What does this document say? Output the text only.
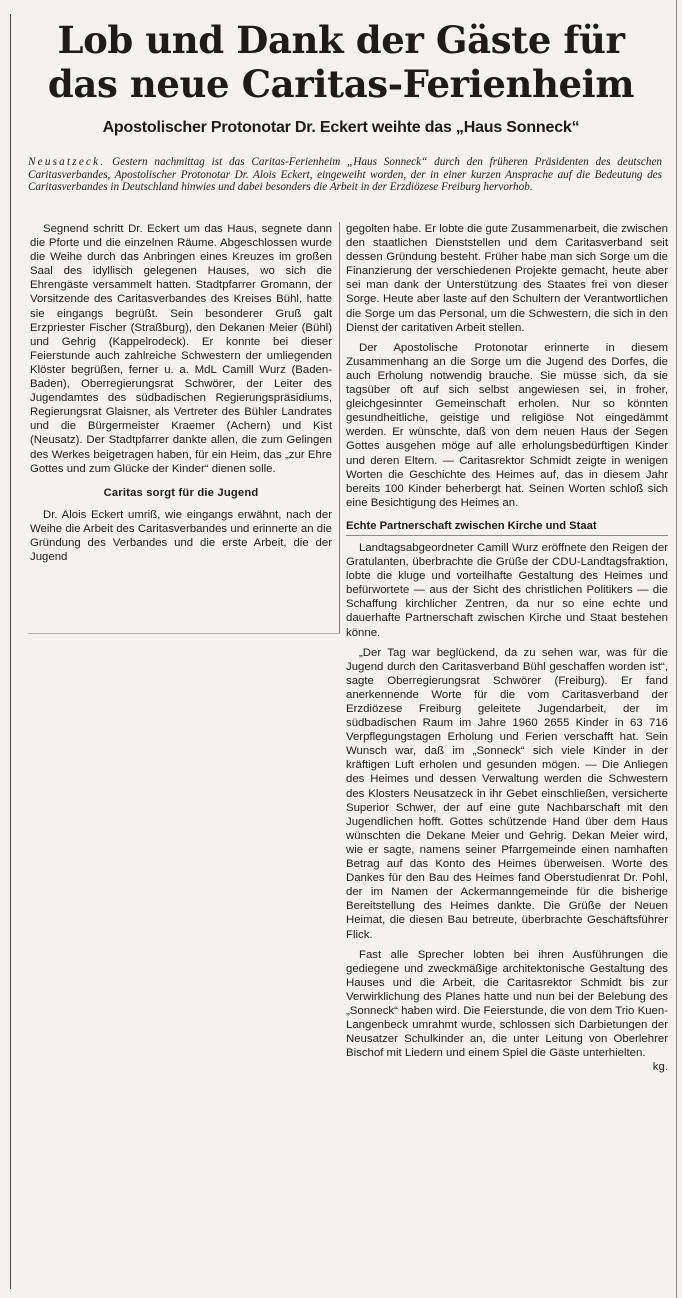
Lob und Dank der Gäste für
das neue Caritas-Ferienheim
Apostolischer Protonotar Dr. Eckert weihte das „Haus Sonneck“
Neusatzeck. Gestern nachmittag ist das Caritas-Ferienheim „Haus Sonneck“ durch den früheren Präsidenten des deutschen Caritasverbandes, Apostolischer Protonotar Dr. Alois Eckert, eingeweiht worden, der in einer kurzen Ansprache auf die Bedeutung des Caritasverbandes in Deutschland hinwies und dabei besonders die Arbeit in der Erzdiözese Freiburg hervorhob.

Segnend schritt Dr. Eckert um das Haus, segnete dann die Pforte und die einzelnen Räume. Abgeschlossen wurde die Weihe durch das Anbringen eines Kreuzes im großen Saal des idyllisch gelegenen Hauses, wo sich die Ehrengäste versammelt hatten. Stadtpfarrer Gromann, der Vorsitzende des Caritasverbandes des Kreises Bühl, hatte sie eingangs begrüßt. Sein besonderer Gruß galt Erzpriester Fischer (Straßburg), den Dekanen Meier (Bühl) und Gehrig (Kappelrodeck). Er konnte bei dieser Feierstunde auch zahlreiche Schwestern der umliegenden Klöster begrüßen, ferner u. a. MdL Camill Wurz (Baden-Baden), Oberregierungsrat Schwörer, der Leiter des Jugendamtes des südbadischen Regierungspräsidiums, Regierungsrat Glaisner, als Vertreter des Bühler Landrates und die Bürgermeister Kraemer (Achern) und Kist (Neusatz). Der Stadtpfarrer dankte allen, die zum Gelingen des Werkes beigetragen haben, für ein Heim, das „zur Ehre Gottes und zum Glücke der Kinder“ dienen solle.

Caritas sorgt für die Jugend

Dr. Alois Eckert umriß, wie eingangs erwähnt, nach der Weihe die Arbeit des Caritasverbandes und erinnerte an die Gründung des Verbandes und die erste Arbeit, die der Jugend

gegolten habe. Er lobte die gute Zusammenarbeit, die zwischen den staatlichen Dienststellen und dem Caritasverband seit dessen Gründung besteht. Früher habe man sich Sorge um die Finanzierung der verschiedenen Projekte gemacht, heute aber sei man dank der Unterstützung des Staates frei von dieser Sorge. Heute aber laste auf den Schultern der Verantwortlichen die Sorge um das Personal, um die Schwestern, die sich in den Dienst der caritativen Arbeit stellen.

Der Apostolische Protonotar erinnerte in diesem Zusammenhang an die Sorge um die Jugend des Dorfes, die auch Erholung notwendig brauche. Sie müsse sich, da sie tagsüber oft auf sich selbst angewiesen sei, in froher, gleichgesinnter Gemeinschaft erholen. Nur so könnten gesundheitliche, geistige und religiöse Not eingedämmt werden. Er wünschte, daß von dem neuen Haus der Segen Gottes ausgehen möge auf alle erholungsbedürftigen Kinder und deren Eltern. — Caritasrektor Schmidt zeigte in wenigen Worten die Geschichte des Heimes auf, das in diesem Jahr bereits 100 Kinder beherbergt hat. Seinen Worten schloß sich eine Besichtigung des Heimes an.

Echte Partnerschaft zwischen Kirche und Staat

Landtagsabgeordneter Camill Wurz eröffnete den Reigen der Gratulanten, überbrachte die Grüße der CDU-Landtagsfraktion, lobte die kluge und vorteilhafte Gestaltung des Heimes und befürwortete — aus der Sicht des christlichen Politikers — die Schaffung kirchlicher Zentren, da nur so eine echte und dauerhafte Partnerschaft zwischen Kirche und Staat bestehen könne.

„Der Tag war beglückend, da zu sehen war, was für die Jugend durch den Caritasverband Bühl geschaffen worden ist“, sagte Oberregierungsrat Schwörer (Freiburg). Er fand anerkennende Worte für die vom Caritasverband der Erzdiözese Freiburg geleitete Jugendarbeit, der im südbadischen Raum im Jahre 1960 2655 Kinder in 63 716 Verpflegungstagen Erholung und Ferien verschafft hat. Sein Wunsch war, daß im „Sonneck“ sich viele Kinder in der kräftigen Luft erholen und gesunden mögen. — Die Anliegen des Heimes und dessen Verwaltung werden die Schwestern des Klosters Neusatzeck in ihr Gebet einschließen, versicherte Superior Schwer, der auf eine gute Nachbarschaft mit den Jugendlichen hofft. Gottes schützende Hand über dem Haus wünschten die Dekane Meier und Gehrig. Dekan Meier wird, wie er sagte, namens seiner Pfarrgemeinde einen namhaften Betrag auf das Konto des Heimes überweisen. Worte des Dankes für den Bau des Heimes fand Oberstudienrat Dr. Pohl, der im Namen der Ackermanngemeinde für die bisherige Bereitstellung des Heimes dankte. Die Grüße der Neuen Heimat, die diesen Bau betreute, überbrachte Geschäftsführer Flick.

Fast alle Sprecher lobten bei ihren Ausführungen die gediegene und zweckmäßige architektonische Gestaltung des Hauses und die Arbeit, die Caritasrektor Schmidt bis zur Verwirklichung des Planes hatte und nun bei der Belebung des „Sonneck“ haben wird. Die Feierstunde, die von dem Trio Kuen-Langenbeck umrahmt wurde, schlossen sich Darbietungen der Neusatzer Schulkinder an, die unter Leitung von Oberlehrer Bischof mit Liedern und einem Spiel die Gäste unterhielten.
kg.
